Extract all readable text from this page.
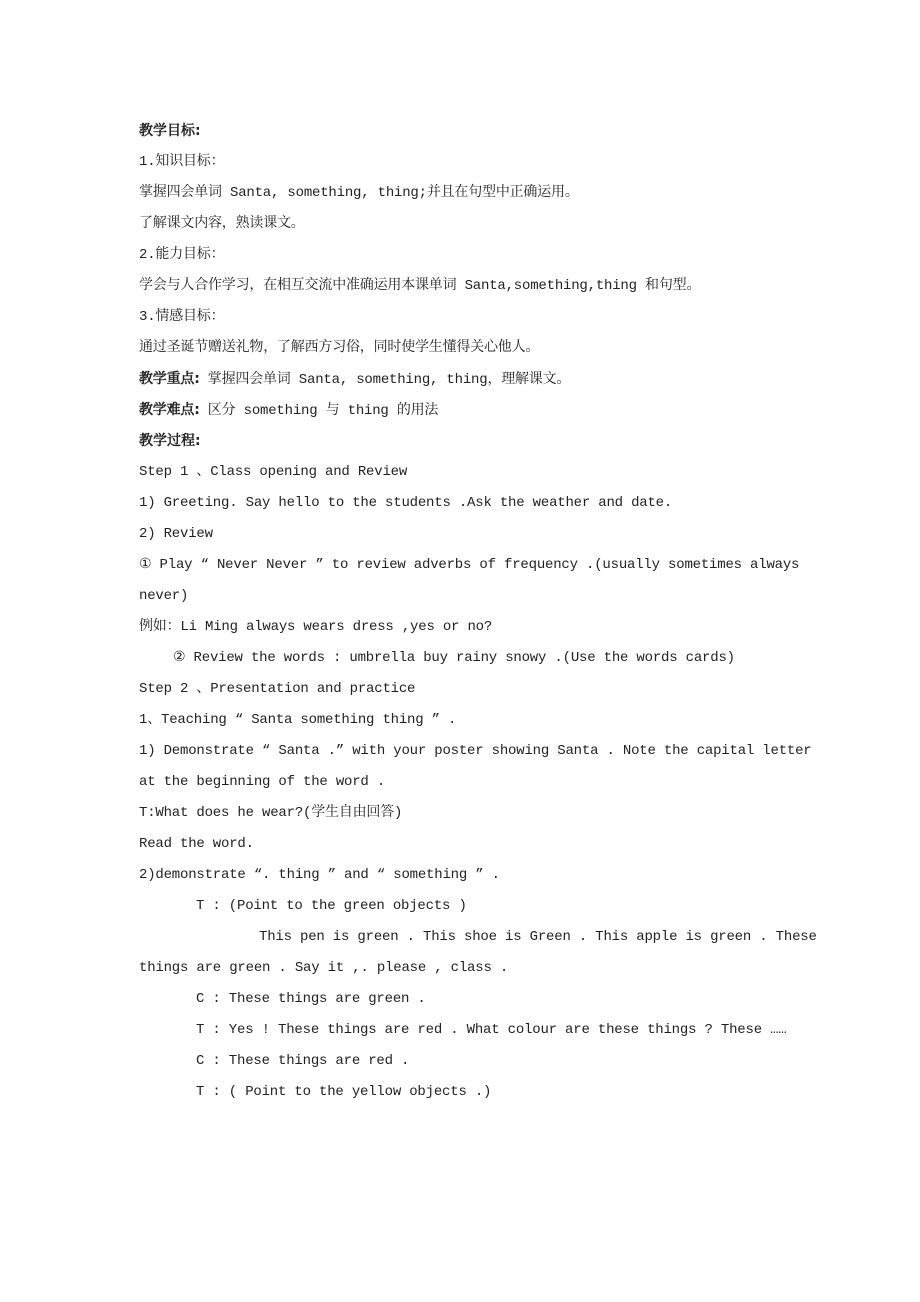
教学目标:
1.知识目标：
掌握四会单词 Santa, something, thing;并且在句型中正确运用。
了解课文内容，熟读课文。
2.能力目标：
学会与人合作学习，在相互交流中准确运用本课单词 Santa,something,thing 和句型。
3.情感目标：
通过圣诞节赠送礼物，了解西方习俗，同时使学生懂得关心他人。
教学重点: 掌握四会单词 Santa, something, thing，理解课文。
教学难点: 区分 something 与 thing 的用法
教学过程:
Step 1 、Class opening and Review
1) Greeting. Say hello to the students .Ask the weather and date.
2) Review
① Play “ Never Never ” to review adverbs of frequency .(usually sometimes always
never)
例如：Li Ming always wears dress ,yes or no?
② Review the words : umbrella buy rainy snowy .(Use the words cards)
Step 2 、Presentation and practice
1、Teaching “ Santa something thing ” .
1) Demonstrate “ Santa .” with your poster showing Santa . Note the capital letter
at the beginning of the word .
T:What does he wear?(学生自由回答)
Read the word.
2)demonstrate “. thing ” and “ something ” .
T : (Point to the green objects )
This pen is green . This shoe is Green . This apple is green . These
things are green . Say it ,. please , class .
C : These things are green .
T : Yes ! These things are red . What colour are these things ? These ……
C : These things are red .
T : ( Point to the yellow objects .)
